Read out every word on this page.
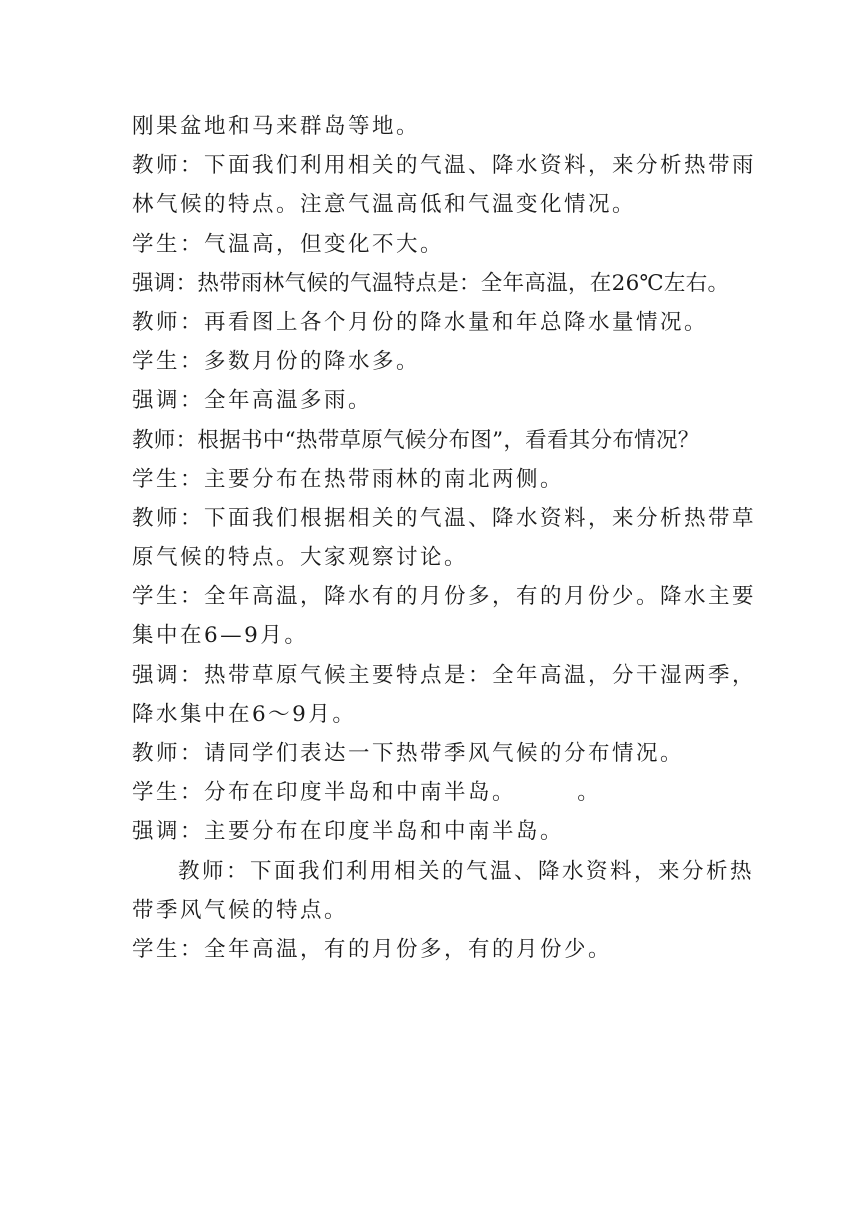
刚果盆地和马来群岛等地。
教师：下面我们利用相关的气温、降水资料，来分析热带雨
林气候的特点。注意气温高低和气温变化情况。
学生：气温高，但变化不大。
强调：热带雨林气候的气温特点是：全年高温，在26℃左右。
教师：再看图上各个月份的降水量和年总降水量情况。
学生：多数月份的降水多。
强调：全年高温多雨。
教师：根据书中“热带草原气候分布图”，看看其分布情况？
学生：主要分布在热带雨林的南北两侧。
教师：下面我们根据相关的气温、降水资料，来分析热带草
原气候的特点。大家观察讨论。
学生：全年高温，降水有的月份多，有的月份少。降水主要
集中在6—9月。
强调：热带草原气候主要特点是：全年高温，分干湿两季，
降水集中在6～9月。
教师：请同学们表达一下热带季风气候的分布情况。
学生：分布在印度半岛和中南半岛。　　　。
强调：主要分布在印度半岛和中南半岛。
教师：下面我们利用相关的气温、降水资料，来分析热
带季风气候的特点。
学生：全年高温，有的月份多，有的月份少。
